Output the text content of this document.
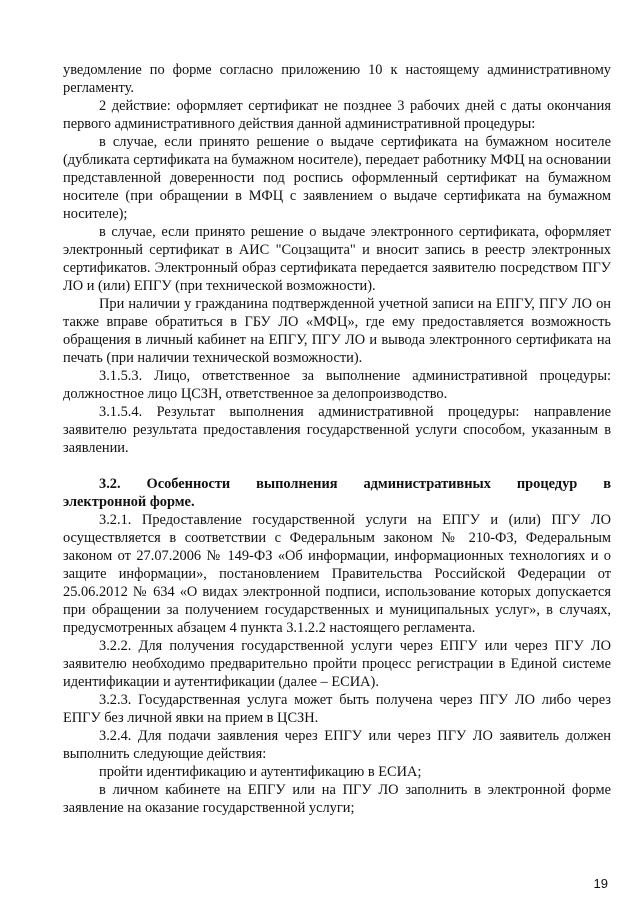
уведомление по форме согласно приложению 10 к настоящему административному регламенту.

2 действие: оформляет сертификат не позднее 3 рабочих дней с даты окончания первого административного действия данной административной процедуры:

в случае, если принято решение о выдаче сертификата на бумажном носителе (дубликата сертификата на бумажном носителе), передает работнику МФЦ на основании представленной доверенности под роспись оформленный сертификат на бумажном носителе (при обращении в МФЦ с заявлением о выдаче сертификата на бумажном носителе);

в случае, если принято решение о выдаче электронного сертификата, оформляет электронный сертификат в АИС "Соцзащита" и вносит запись в реестр электронных сертификатов. Электронный образ сертификата передается заявителю посредством ПГУ ЛО и (или) ЕПГУ (при технической возможности).

При наличии у гражданина подтвержденной учетной записи на ЕПГУ, ПГУ ЛО он также вправе обратиться в ГБУ ЛО «МФЦ», где ему предоставляется возможность обращения в личный кабинет на ЕПГУ, ПГУ ЛО и вывода электронного сертификата на печать (при наличии технической возможности).

3.1.5.3. Лицо, ответственное за выполнение административной процедуры: должностное лицо ЦСЗН, ответственное за делопроизводство.

3.1.5.4. Результат выполнения административной процедуры: направление заявителю результата предоставления государственной услуги способом, указанным в заявлении.

3.2. Особенности выполнения административных процедур в

электронной форме.

3.2.1. Предоставление государственной услуги на ЕПГУ и (или) ПГУ ЛО осуществляется в соответствии с Федеральным законом № 210-ФЗ, Федеральным законом от 27.07.2006 № 149-ФЗ «Об информации, информационных технологиях и о защите информации», постановлением Правительства Российской Федерации от 25.06.2012 № 634 «О видах электронной подписи, использование которых допускается при обращении за получением государственных и муниципальных услуг», в случаях, предусмотренных абзацем 4 пункта 3.1.2.2 настоящего регламента.

3.2.2. Для получения государственной услуги через ЕПГУ или через ПГУ ЛО заявителю необходимо предварительно пройти процесс регистрации в Единой системе идентификации и аутентификации (далее – ЕСИА).

3.2.3. Государственная услуга может быть получена через ПГУ ЛО либо через ЕПГУ без личной явки на прием в ЦСЗН.

3.2.4. Для подачи заявления через ЕПГУ или через ПГУ ЛО заявитель должен выполнить следующие действия:

пройти идентификацию и аутентификацию в ЕСИА;

в личном кабинете на ЕПГУ или на ПГУ ЛО заполнить в электронной форме заявление на оказание государственной услуги;

19
